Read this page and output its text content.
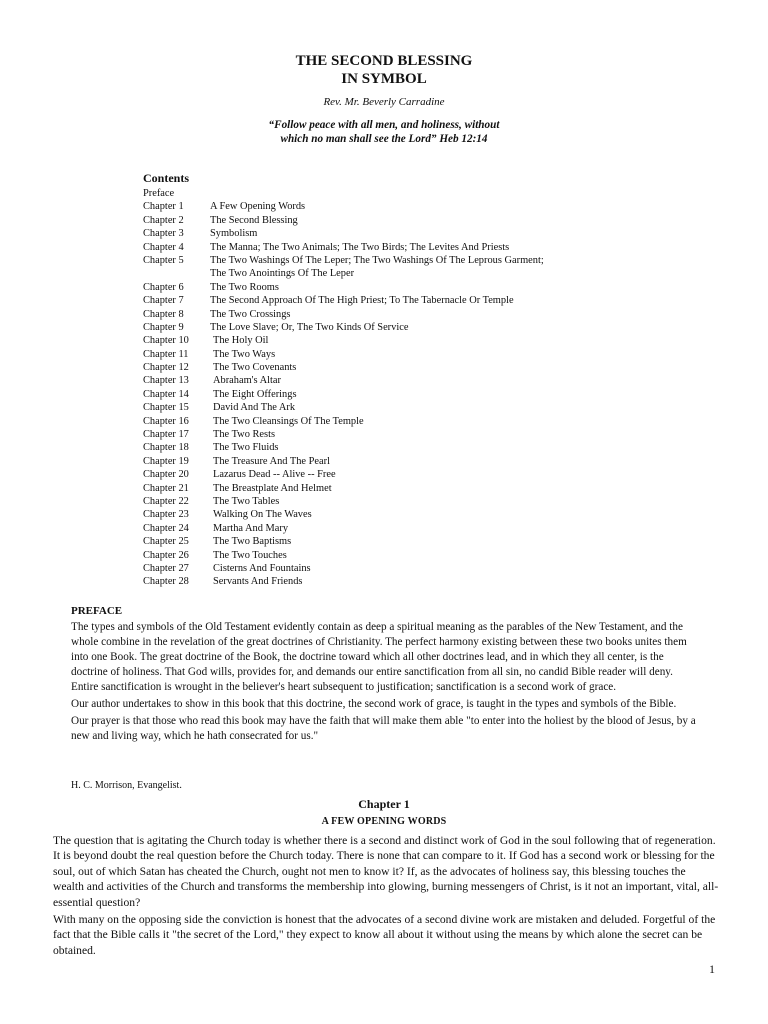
THE SECOND BLESSING
IN SYMBOL
Rev. Mr. Beverly Carradine
“Follow peace with all men, and holiness, without
which no man shall see the Lord” Heb 12:14
Contents
Preface
Chapter 1	A Few Opening Words
Chapter 2	The Second Blessing
Chapter 3	Symbolism
Chapter 4	The Manna; The Two Animals; The Two Birds; The Levites And Priests
Chapter 5	The Two Washings Of The Leper; The Two Washings Of The Leprous Garment;
The Two Anointings Of The Leper
Chapter 6	The Two Rooms
Chapter 7	The Second Approach Of The High Priest; To The Tabernacle Or Temple
Chapter 8	The Two Crossings
Chapter 9	The Love Slave; Or, The Two Kinds Of Service
Chapter 10 The Holy Oil
Chapter 11 The Two Ways
Chapter 12 The Two Covenants
Chapter 13 Abraham's Altar
Chapter 14 The Eight Offerings
Chapter 15 David And The Ark
Chapter 16 The Two Cleansings Of The Temple
Chapter 17 The Two Rests
Chapter 18 The Two Fluids
Chapter 19 The Treasure And The Pearl
Chapter 20 Lazarus Dead -- Alive -- Free
Chapter 21 The Breastplate And Helmet
Chapter 22 The Two Tables
Chapter 23 Walking On The Waves
Chapter 24 Martha And Mary
Chapter 25 The Two Baptisms
Chapter 26 The Two Touches
Chapter 27 Cisterns And Fountains
Chapter 28 Servants And Friends
PREFACE

The types and symbols of the Old Testament evidently contain as deep a spiritual meaning as the parables of the New Testament, and the whole combine in the revelation of the great doctrines of Christianity. The perfect harmony existing between these two books unites them into one Book. The great doctrine of the Book, the doctrine toward which all other doctrines lead, and in which they all center, is the doctrine of holiness. That God wills, provides for, and demands our entire sanctification from all sin, no candid Bible reader will deny. Entire sanctification is wrought in the believer's heart subsequent to justification; sanctification is a second work of grace.

Our author undertakes to show in this book that this doctrine, the second work of grace, is taught in the types and symbols of the Bible.

Our prayer is that those who read this book may have the faith that will make them able "to enter into the holiest by the blood of Jesus, by a new and living way, which he hath consecrated for us."

H. C. Morrison, Evangelist.
Chapter 1
A FEW OPENING WORDS

The question that is agitating the Church today is whether there is a second and distinct work of God in the soul following that of regeneration. It is beyond doubt the real question before the Church today. There is none that can compare to it. If God has a second work or blessing for the soul, out of which Satan has cheated the Church, ought not men to know it? If, as the advocates of holiness say, this blessing touches the wealth and activities of the Church and transforms the membership into glowing, burning messengers of Christ, is it not an important, vital, all-essential question?

With many on the opposing side the conviction is honest that the advocates of a second divine work are mistaken and deluded. Forgetful of the fact that the Bible calls it "the secret of the Lord," they expect to know all about it without using the means by which alone the secret can be obtained.

1
